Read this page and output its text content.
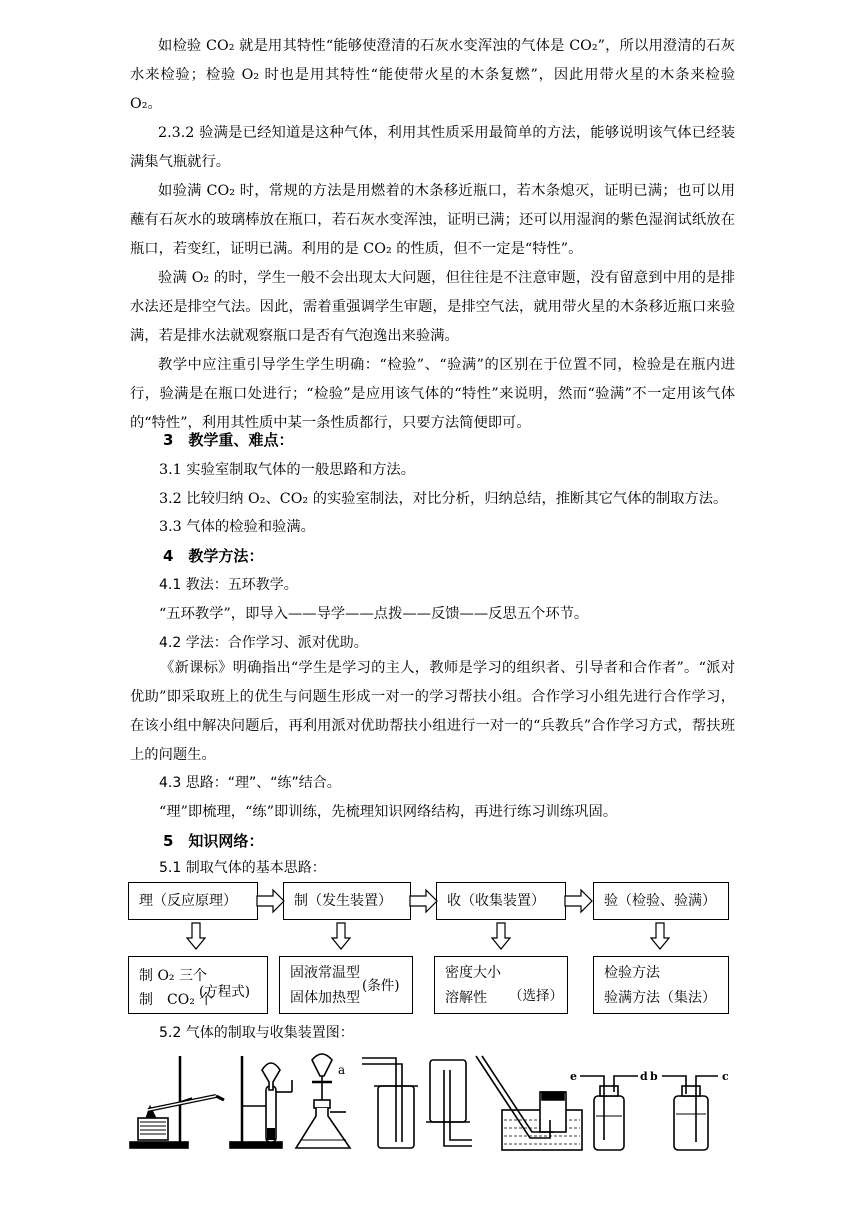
如检验 CO₂ 就是用其特性“能够使澄清的石灰水变浑浊的气体是 CO₂”，所以用澄清的石灰水来检验；检验 O₂ 时也是用其特性“能使带火星的木条复燃”，因此用带火星的木条来检验 O₂。

2.3.2 验满是已经知道是这种气体，利用其性质采用最简单的方法，能够说明该气体已经装满集气瓶就行。

如验满 CO₂ 时，常规的方法是用燃着的木条移近瓶口，若木条熄灭，证明已满；也可以用蘸有石灰水的玻璃棒放在瓶口，若石灰水变浑浊，证明已满；还可以用湿润的紫色湿润试纸放在瓶口，若变红，证明已满。利用的是 CO₂ 的性质，但不一定是“特性”。

验满 O₂ 的时，学生一般不会出现太大问题，但往往是不注意审题，没有留意到中用的是排水法还是排空气法。因此，需着重强调学生审题，是排空气法，就用带火星的木条移近瓶口来验满，若是排水法就观察瓶口是否有气泡逸出来验满。

教学中应注重引导学生学生明确：“检验”、“验满”的区别在于位置不同，检验是在瓶内进行，验满是在瓶口处进行；“检验”是应用该气体的“特性”来说明，然而“验满”不一定用该气体的“特性”，利用其性质中某一条性质都行，只要方法简便即可。

3　教学重、难点：

3.1 实验室制取气体的一般思路和方法。

3.2 比较归纳 O₂、CO₂ 的实验室制法，对比分析，归纳总结，推断其它气体的制取方法。

3.3 气体的检验和验满。

4　教学方法：
4.1 教法：五环教学。

“五环教学”，即导入——导学——点拨——反馈——反思五个环节。

4.2 学法：合作学习、派对优助。

《新课标》明确指出“学生是学习的主人，教师是学习的组织者、引导者和合作者”。“派对优助”即采取班上的优生与问题生形成一对一的学习帮扶小组。合作学习小组先进行合作学习，在该小组中解决问题后，再利用派对优助帮扶小组进行一对一的“兵教兵”合作学习方式，帮扶班上的问题生。

4.3 思路：“理”、“练”结合。

“理”即梳理，“练”即训练，先梳理知识网络结构，再进行练习训练巩固。

5　知识网络：
5.1 制取气体的基本思路：
理（反应原理）	制（发生装置）	收（收集装置）	验（检验、验满）
制 O₂ 三个
制　CO₂ 个
(方程式)
固液常温型
固体加热型
(条件)
密度大小
溶解性 （选择）
检验方法
验满方法（集法）
5.2 气体的制取与收集装置图：
a	e	d b	c
